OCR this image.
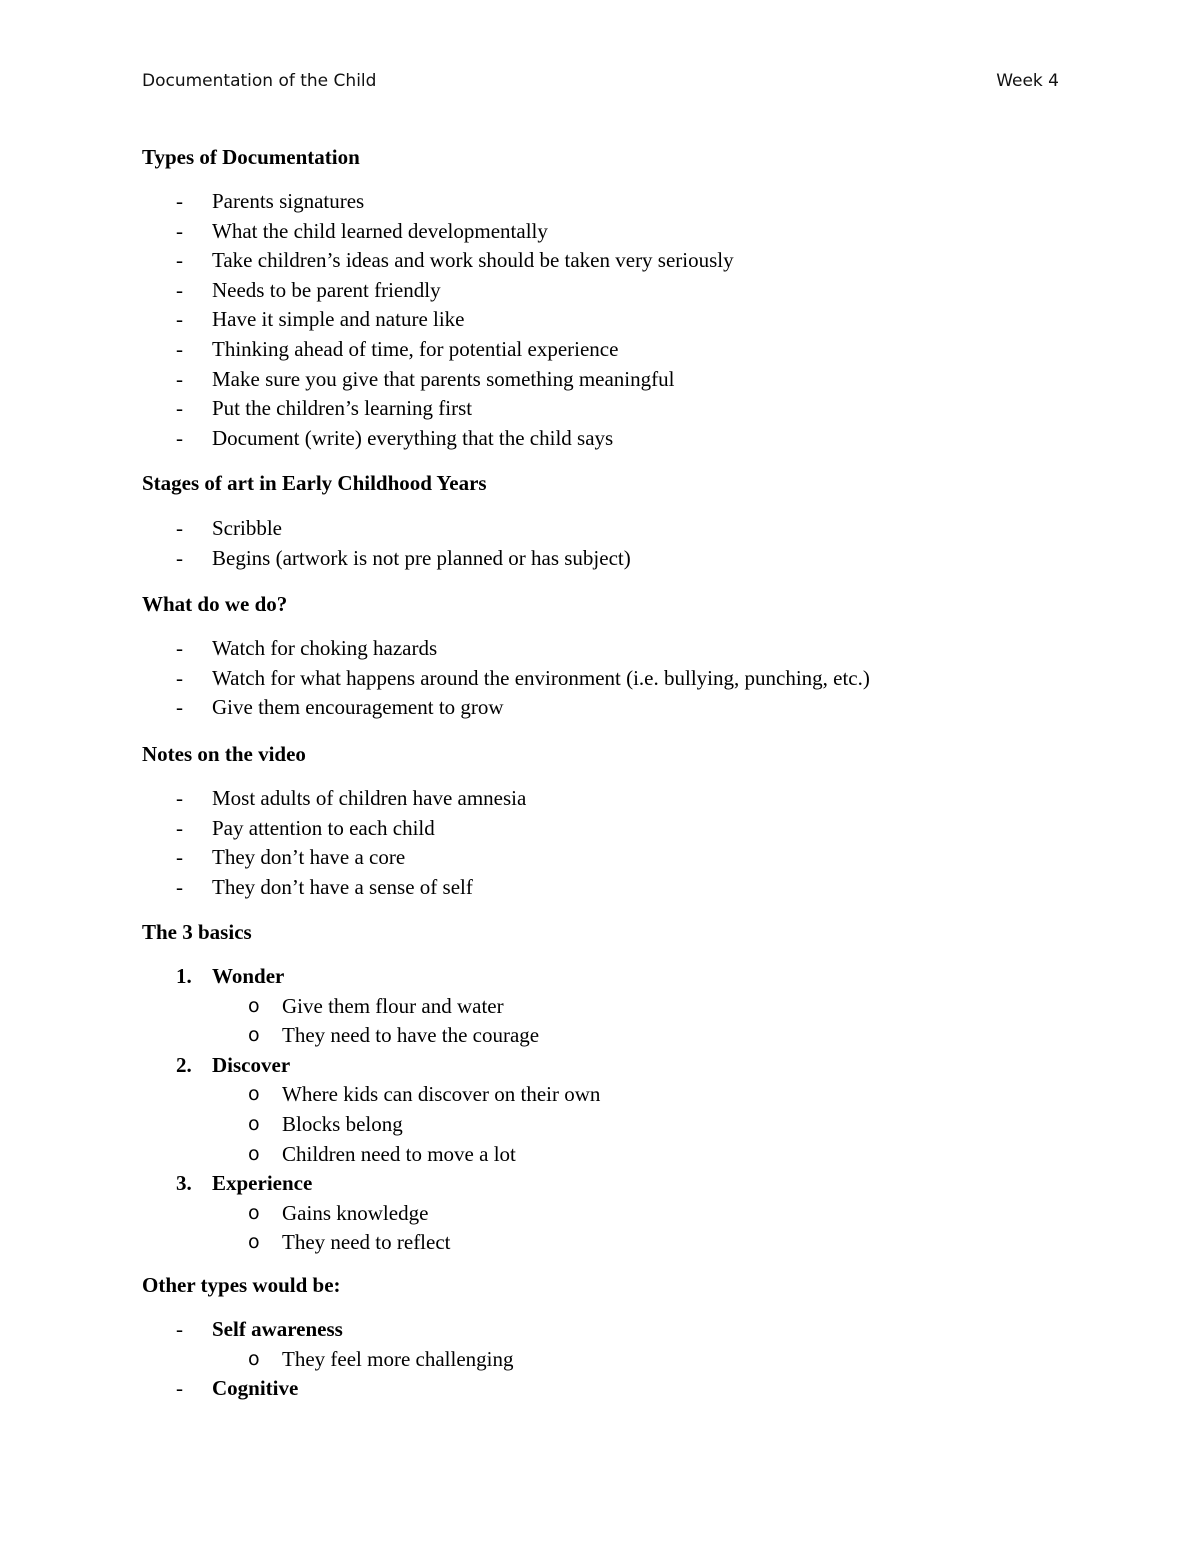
Documentation of the Child	Week 4
Types of Documentation
- Parents signatures
- What the child learned developmentally
- Take children’s ideas and work should be taken very seriously
- Needs to be parent friendly
- Have it simple and nature like
- Thinking ahead of time, for potential experience
- Make sure you give that parents something meaningful
- Put the children’s learning first
- Document (write) everything that the child says
Stages of art in Early Childhood Years
- Scribble
- Begins (artwork is not pre planned or has subject)
What do we do?
- Watch for choking hazards
- Watch for what happens around the environment (i.e. bullying, punching, etc.)
- Give them encouragement to grow
Notes on the video
- Most adults of children have amnesia
- Pay attention to each child
- They don’t have a core
- They don’t have a sense of self
The 3 basics
1. Wonder
o Give them flour and water
o They need to have the courage
2. Discover
o Where kids can discover on their own
o Blocks belong
o Children need to move a lot
3. Experience
o Gains knowledge
o They need to reflect
Other types would be:
- Self awareness
o They feel more challenging
- Cognitive
